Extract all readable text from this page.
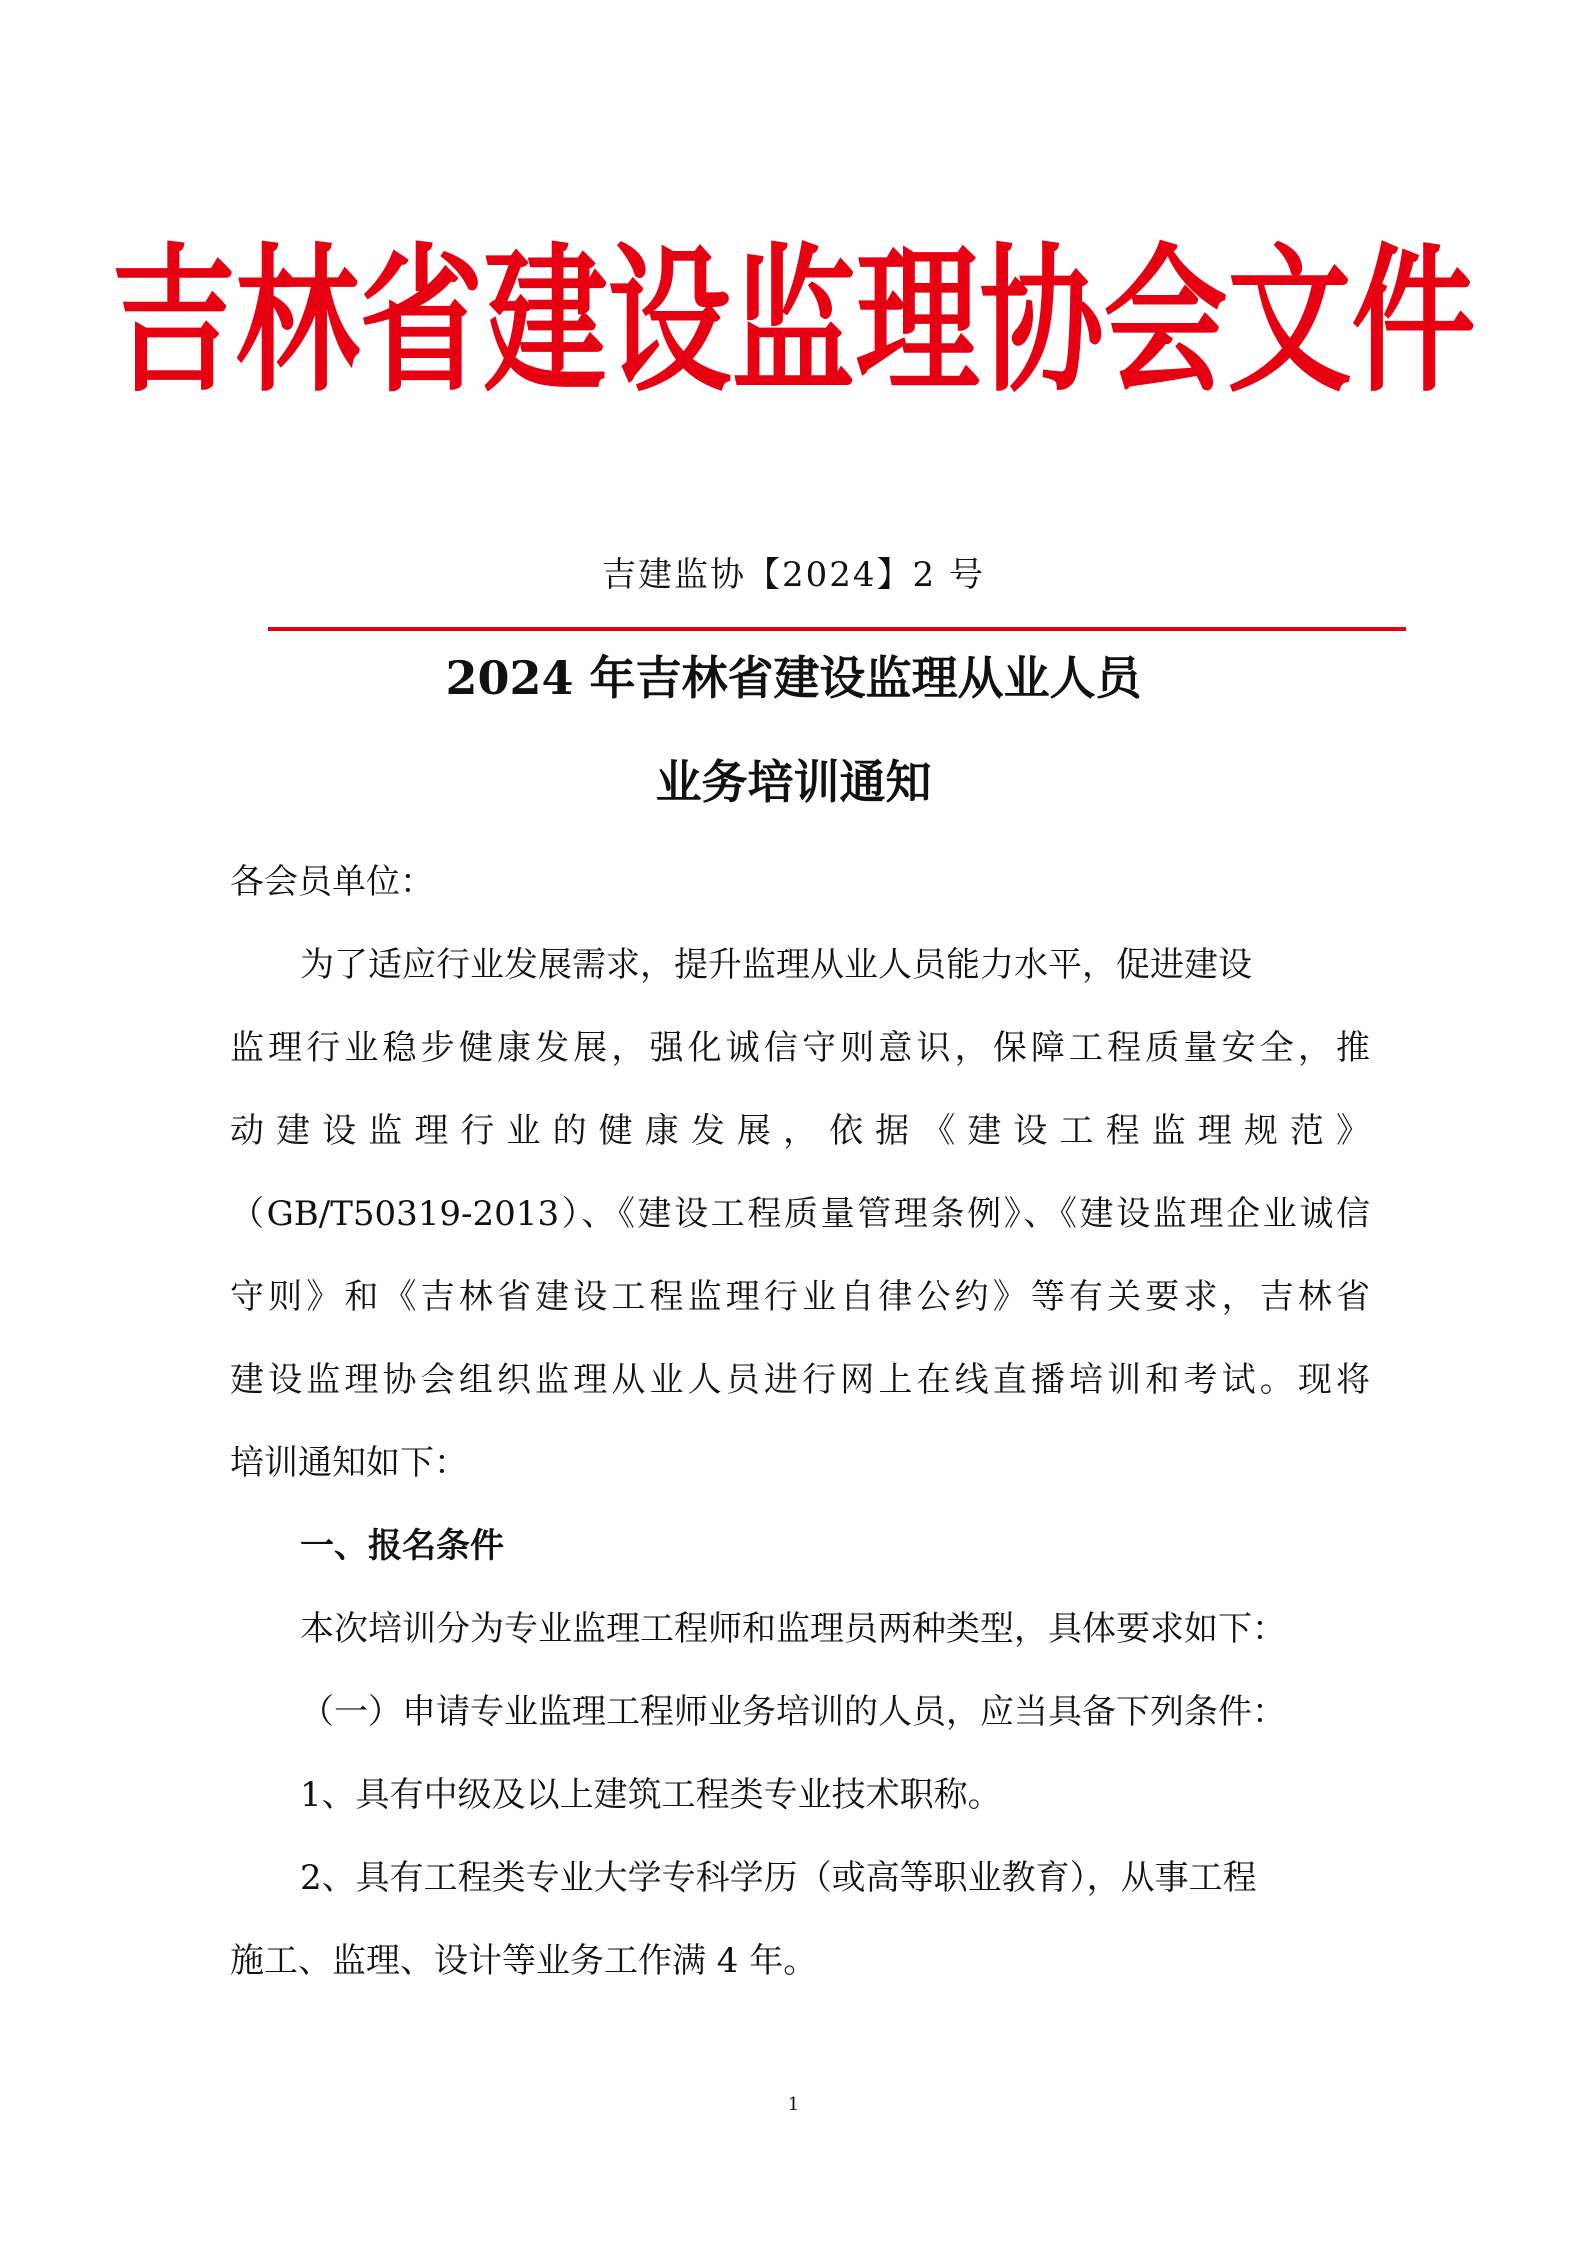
吉林省建设监理协会文件
吉建监协【2024】2 号
2024 年吉林省建设监理从业人员
业务培训通知
各会员单位：
为了适应行业发展需求，提升监理从业人员能力水平，促进建设
监理行业稳步健康发展，强化诚信守则意识，保障工程质量安全，推
动建设监理行业的健康发展，依据《建设工程监理规范》
（GB/T50319-2013）、《建设工程质量管理条例》、《建设监理企业诚信
守则》和《吉林省建设工程监理行业自律公约》等有关要求，吉林省
建设监理协会组织监理从业人员进行网上在线直播培训和考试。现将
培训通知如下：
一、报名条件
本次培训分为专业监理工程师和监理员两种类型，具体要求如下：
（一）申请专业监理工程师业务培训的人员，应当具备下列条件：
1、具有中级及以上建筑工程类专业技术职称。
2、具有工程类专业大学专科学历（或高等职业教育），从事工程
施工、监理、设计等业务工作满 4 年。
1
